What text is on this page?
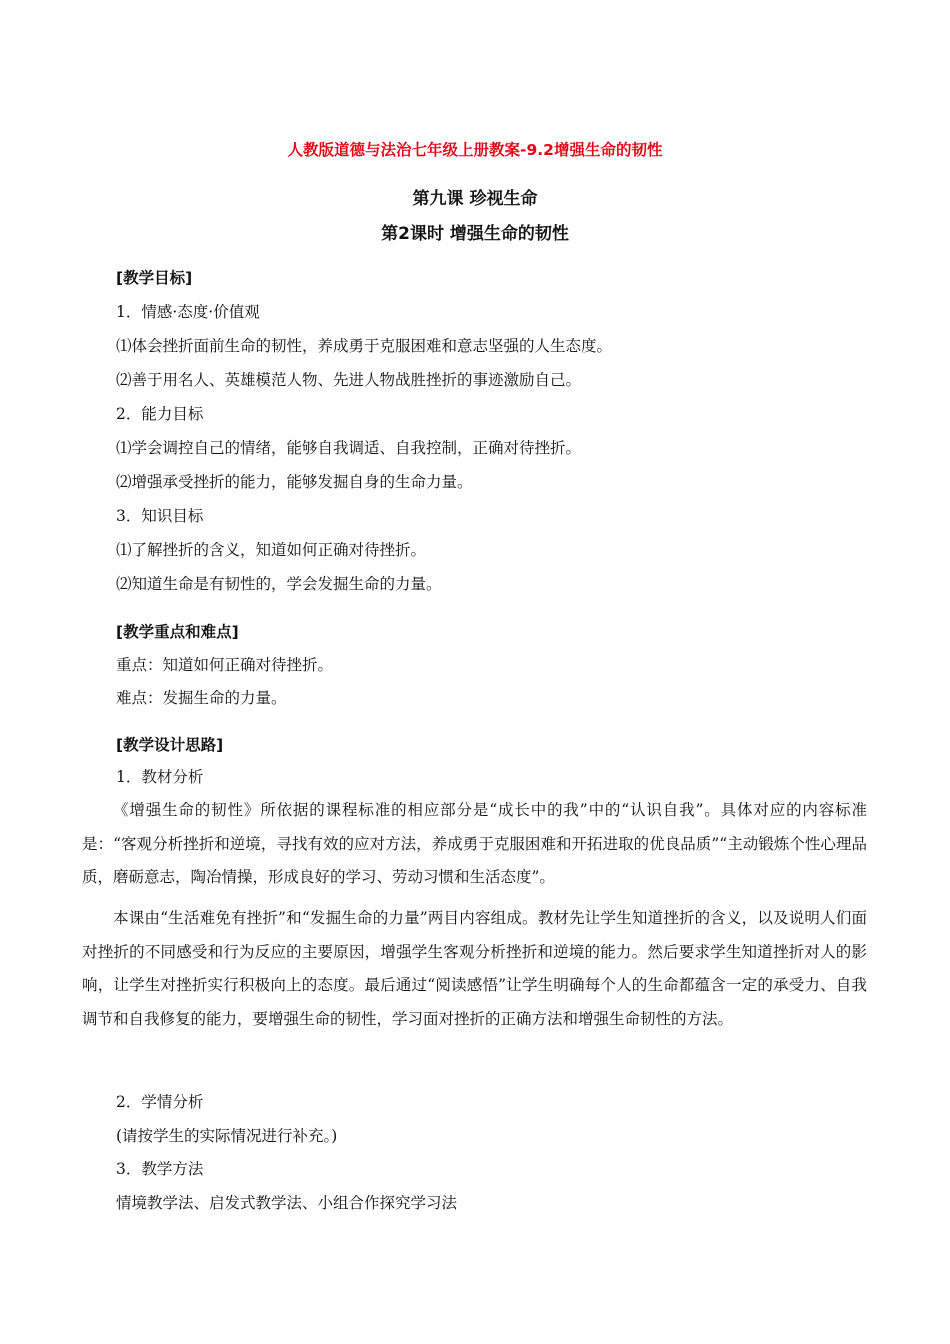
人教版道德与法治七年级上册教案-9.2增强生命的韧性
第九课 珍视生命
第2课时 增强生命的韧性
[教学目标]
1．情感·态度·价值观
⑴体会挫折面前生命的韧性，养成勇于克服困难和意志坚强的人生态度。
⑵善于用名人、英雄模范人物、先进人物战胜挫折的事迹激励自己。
2．能力目标
⑴学会调控自己的情绪，能够自我调适、自我控制，正确对待挫折。
⑵增强承受挫折的能力，能够发掘自身的生命力量。
3．知识目标
⑴了解挫折的含义，知道如何正确对待挫折。
⑵知道生命是有韧性的，学会发掘生命的力量。
[教学重点和难点]
重点：知道如何正确对待挫折。
难点：发掘生命的力量。
[教学设计思路]
1．教材分析
《增强生命的韧性》所依据的课程标准的相应部分是“成长中的我”中的“认识自我”。具体对应的内容标准是：“客观分析挫折和逆境，寻找有效的应对方法，养成勇于克服困难和开拓进取的优良品质”“主动锻炼个性心理品质，磨砺意志，陶冶情操，形成良好的学习、劳动习惯和生活态度”。
本课由“生活难免有挫折”和“发掘生命的力量”两目内容组成。教材先让学生知道挫折的含义，以及说明人们面对挫折的不同感受和行为反应的主要原因，增强学生客观分析挫折和逆境的能力。然后要求学生知道挫折对人的影响，让学生对挫折实行积极向上的态度。最后通过“阅读感悟”让学生明确每个人的生命都蕴含一定的承受力、自我调节和自我修复的能力，要增强生命的韧性，学习面对挫折的正确方法和增强生命韧性的方法。
2．学情分析
(请按学生的实际情况进行补充。)
3．教学方法
情境教学法、启发式教学法、小组合作探究学习法
